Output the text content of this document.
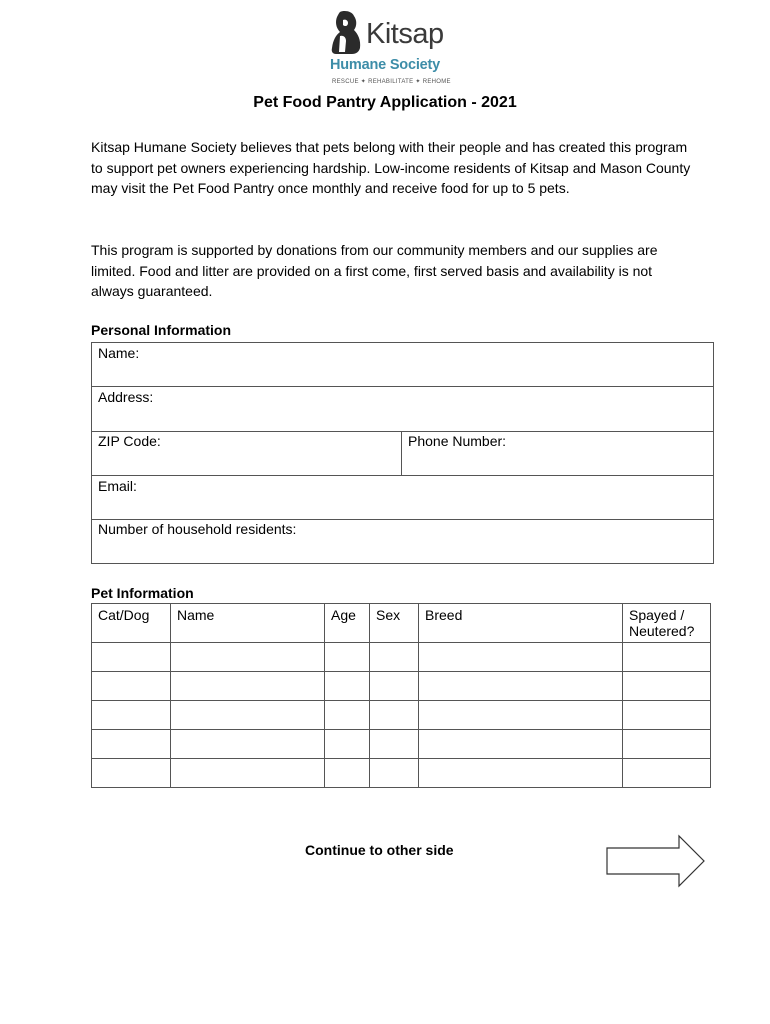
Kitsap
Humane Society
RESCUE ✦ REHABILITATE ✦ REHOME
Pet Food Pantry Application - 2021

Kitsap Humane Society believes that pets belong with their people and has created this program to support pet owners experiencing hardship. Low-income residents of Kitsap and Mason County may visit the Pet Food Pantry once monthly and receive food for up to 5 pets.

This program is supported by donations from our community members and our supplies are limited. Food and litter are provided on a first come, first served basis and availability is not always guaranteed.

Personal Information
Name:
Address:
ZIP Code:	Phone Number:
Email:
Number of household residents:
Pet Information
Cat/Dog	Name	Age	Sex	Breed	Spayed /
Neutered?

Continue to other side
